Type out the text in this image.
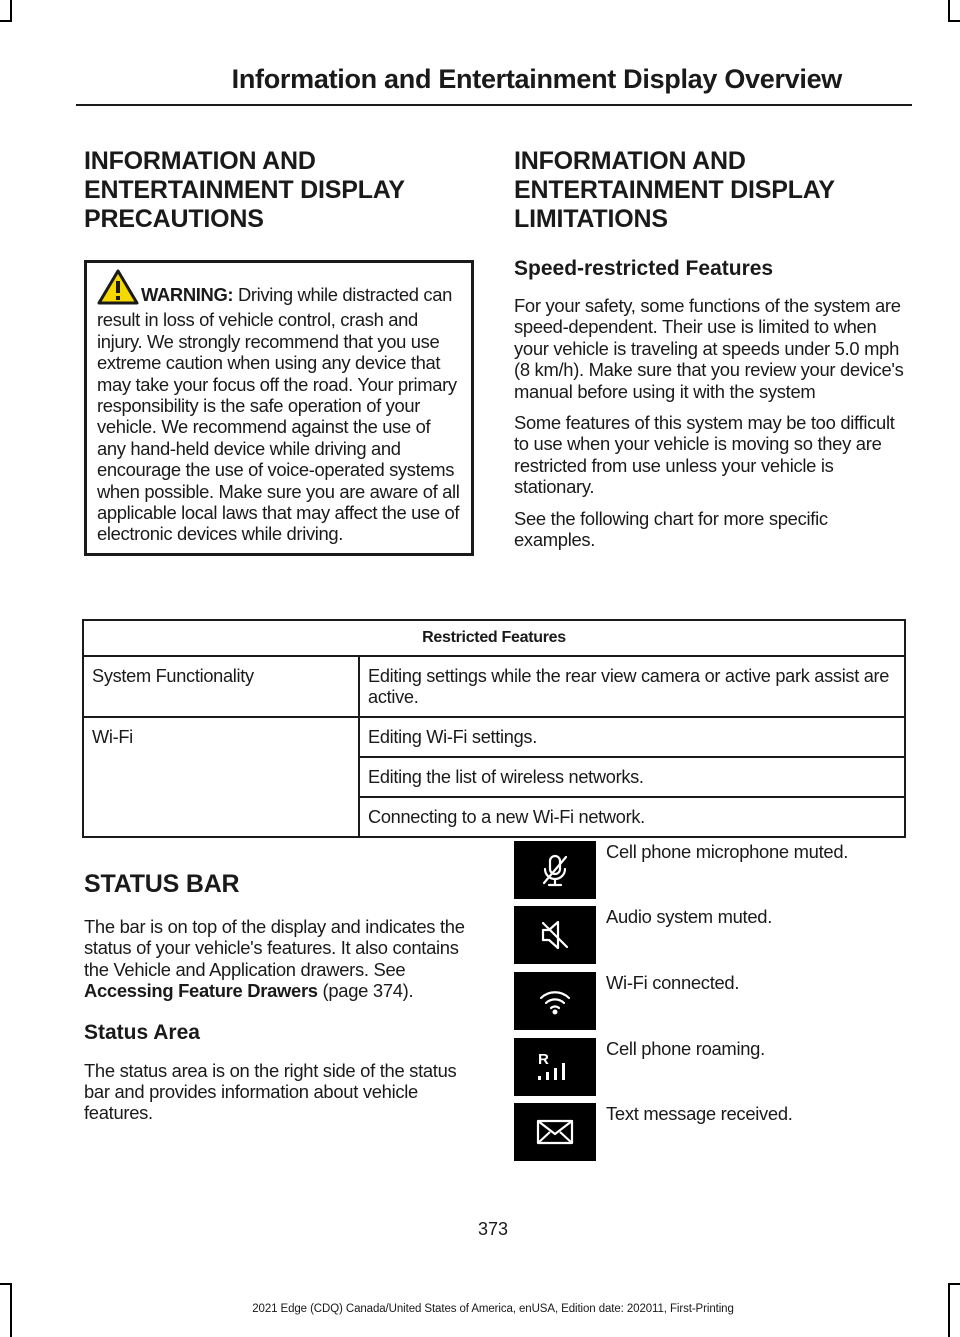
Information and Entertainment Display Overview
INFORMATION AND ENTERTAINMENT DISPLAY PRECAUTIONS

WARNING: Driving while distracted can result in loss of vehicle control, crash and injury. We strongly recommend that you use extreme caution when using any device that may take your focus off the road. Your primary responsibility is the safe operation of your vehicle. We recommend against the use of any hand-held device while driving and encourage the use of voice-operated systems when possible. Make sure you are aware of all applicable local laws that may affect the use of electronic devices while driving.

INFORMATION AND ENTERTAINMENT DISPLAY LIMITATIONS
Speed-restricted Features

For your safety, some functions of the system are speed-dependent. Their use is limited to when your vehicle is traveling at speeds under 5.0 mph (8 km/h). Make sure that you review your device's manual before using it with the system

Some features of this system may be too difficult to use when your vehicle is moving so they are restricted from use unless your vehicle is stationary.

See the following chart for more specific examples.

Restricted Features	
System Functionality	Editing settings while the rear view camera or active park assist are active.
Wi-Fi	Editing Wi-Fi settings.
	Editing the list of wireless networks.
	Connecting to a new Wi-Fi network.
STATUS BAR

The bar is on top of the display and indicates the status of your vehicle's features. It also contains the Vehicle and Application drawers. See Accessing Feature Drawers (page 374).

Status Area

The status area is on the right side of the status bar and provides information about vehicle features.

Cell phone microphone muted.
Audio system muted.
Wi-Fi connected.
R
Cell phone roaming.
Text message received.
373
2021 Edge (CDQ) Canada/United States of America, enUSA, Edition date: 202011, First-Printing
